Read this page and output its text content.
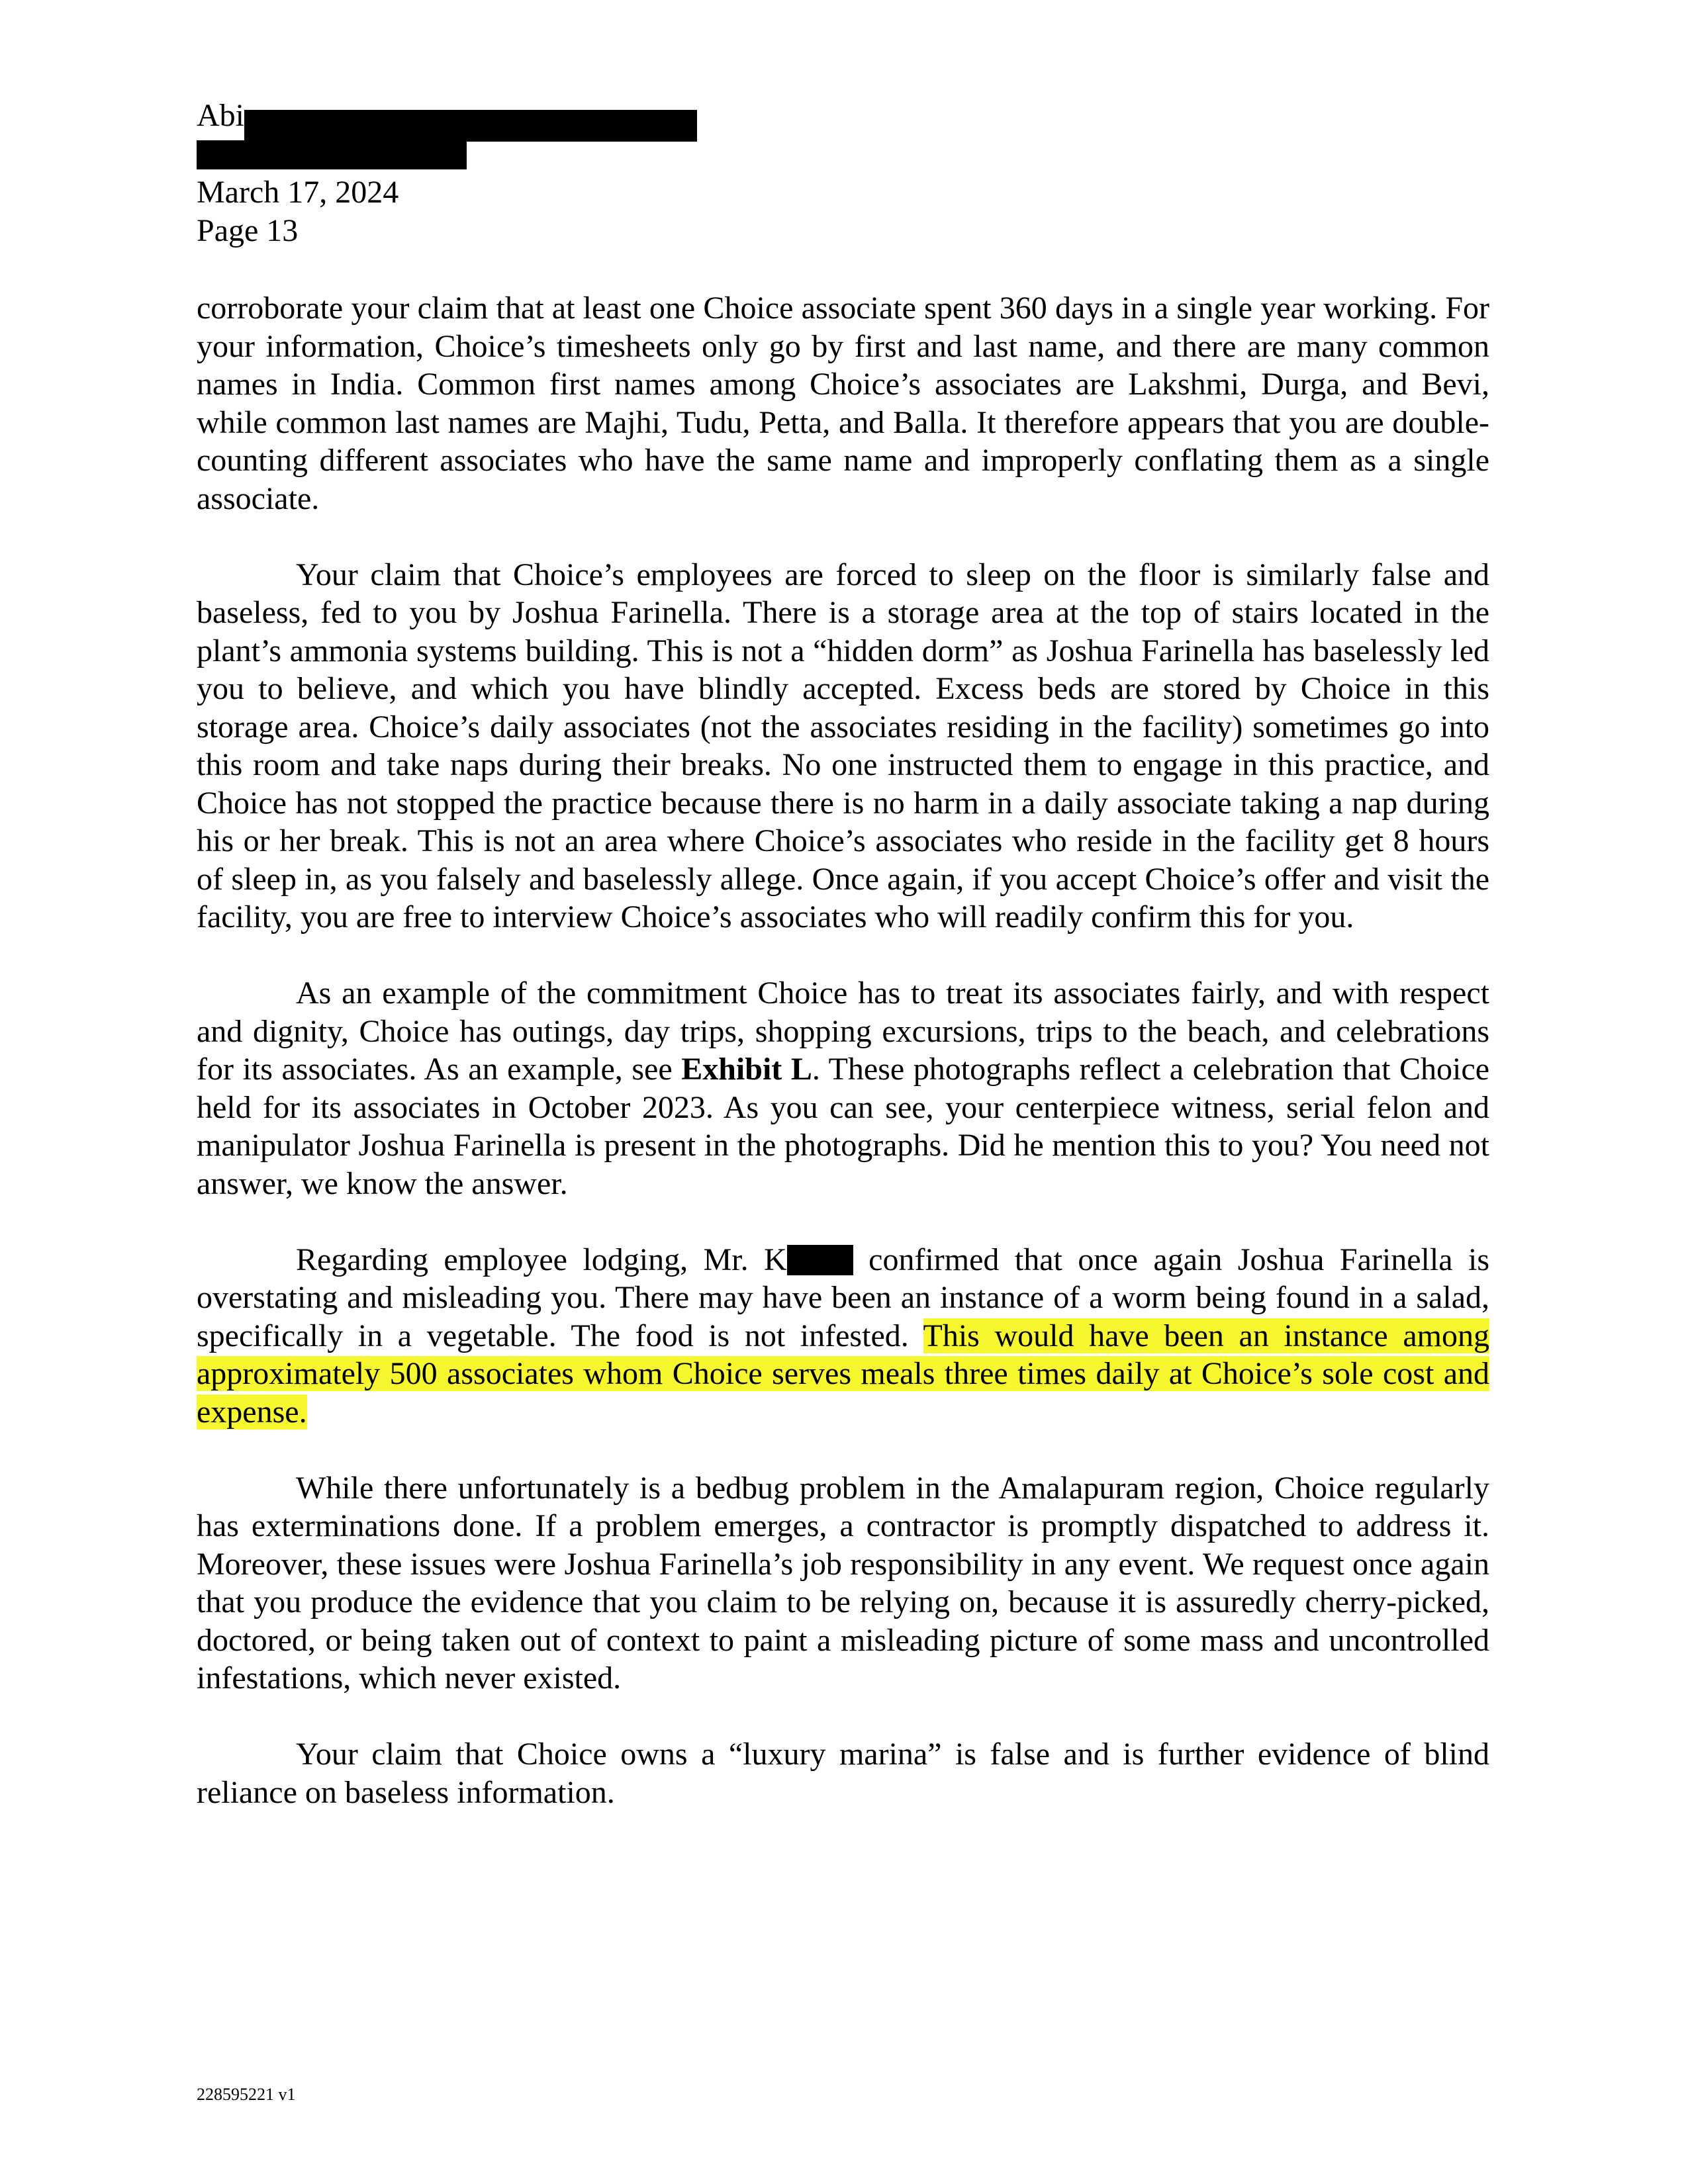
Abi
March 17, 2024
Page 13

corroborate your claim that at least one Choice associate spent 360 days in a single year working. For your information, Choice’s timesheets only go by first and last name, and there are many common names in India. Common first names among Choice’s associates are Lakshmi, Durga, and Bevi, while common last names are Majhi, Tudu, Petta, and Balla. It therefore appears that you are double-counting different associates who have the same name and improperly conflating them as a single associate.

Your claim that Choice’s employees are forced to sleep on the floor is similarly false and baseless, fed to you by Joshua Farinella. There is a storage area at the top of stairs located in the plant’s ammonia systems building. This is not a “hidden dorm” as Joshua Farinella has baselessly led you to believe, and which you have blindly accepted. Excess beds are stored by Choice in this storage area. Choice’s daily associates (not the associates residing in the facility) sometimes go into this room and take naps during their breaks. No one instructed them to engage in this practice, and Choice has not stopped the practice because there is no harm in a daily associate taking a nap during his or her break. This is not an area where Choice’s associates who reside in the facility get 8 hours of sleep in, as you falsely and baselessly allege. Once again, if you accept Choice’s offer and visit the facility, you are free to interview Choice’s associates who will readily confirm this for you.

As an example of the commitment Choice has to treat its associates fairly, and with respect and dignity, Choice has outings, day trips, shopping excursions, trips to the beach, and celebrations for its associates. As an example, see Exhibit L. These photographs reflect a celebration that Choice held for its associates in October 2023. As you can see, your centerpiece witness, serial felon and manipulator Joshua Farinella is present in the photographs. Did he mention this to you? You need not answer, we know the answer.

Regarding employee lodging, Mr. K confirmed that once again Joshua Farinella is overstating and misleading you. There may have been an instance of a worm being found in a salad, specifically in a vegetable. The food is not infested. This would have been an instance among approximately 500 associates whom Choice serves meals three times daily at Choice’s sole cost and expense.

While there unfortunately is a bedbug problem in the Amalapuram region, Choice regularly has exterminations done. If a problem emerges, a contractor is promptly dispatched to address it. Moreover, these issues were Joshua Farinella’s job responsibility in any event. We request once again that you produce the evidence that you claim to be relying on, because it is assuredly cherry-picked, doctored, or being taken out of context to paint a misleading picture of some mass and uncontrolled infestations, which never existed.

Your claim that Choice owns a “luxury marina” is false and is further evidence of blind reliance on baseless information.

228595221 v1
